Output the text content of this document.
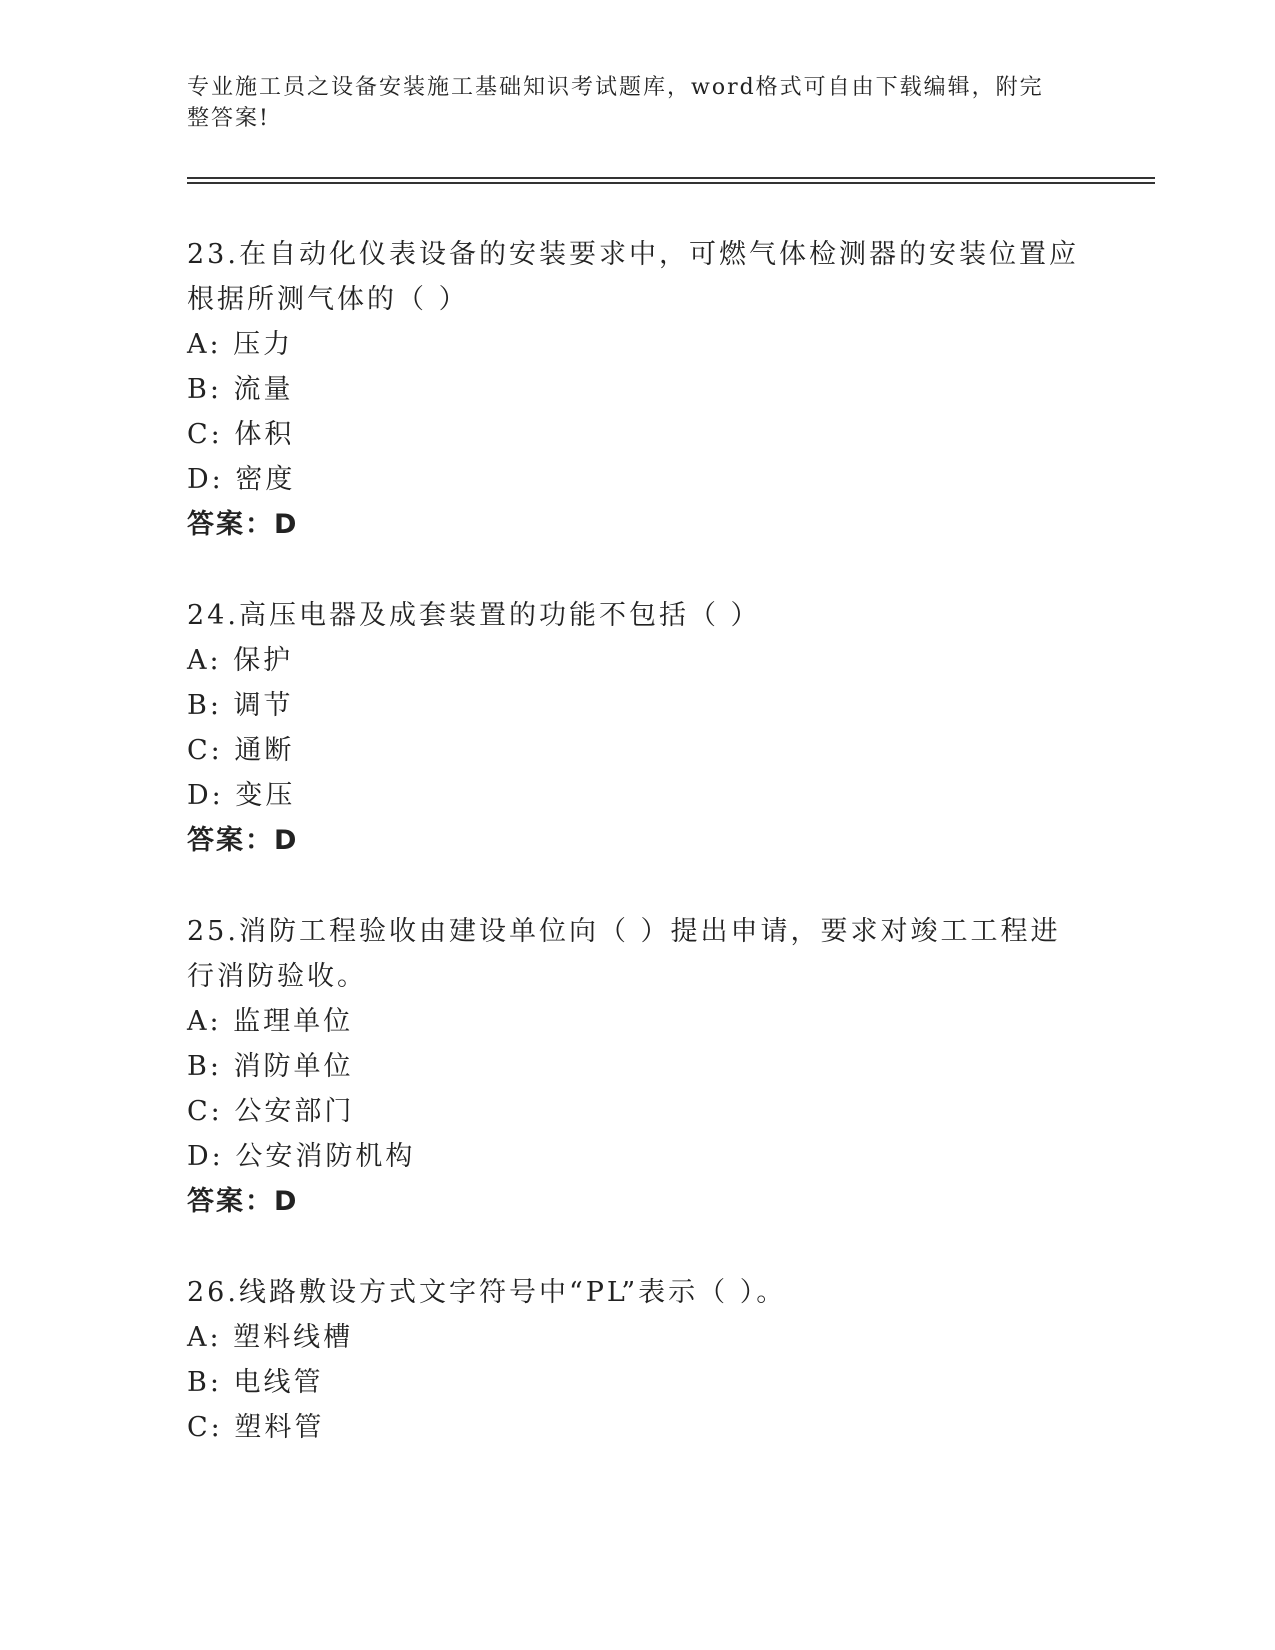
专业施工员之设备安装施工基础知识考试题库，word格式可自由下载编辑，附完整答案!
23.在自动化仪表设备的安装要求中，可燃气体检测器的安装位置应根据所测气体的（ ）
A: 压力
B: 流量
C: 体积
D: 密度
答案：D
24.高压电器及成套装置的功能不包括（ ）
A: 保护
B: 调节
C: 通断
D: 变压
答案：D
25.消防工程验收由建设单位向（ ）提出申请，要求对竣工工程进行消防验收。
A: 监理单位
B: 消防单位
C: 公安部门
D: 公安消防机构
答案：D
26.线路敷设方式文字符号中“PL”表示（ ）。
A: 塑料线槽
B: 电线管
C: 塑料管
